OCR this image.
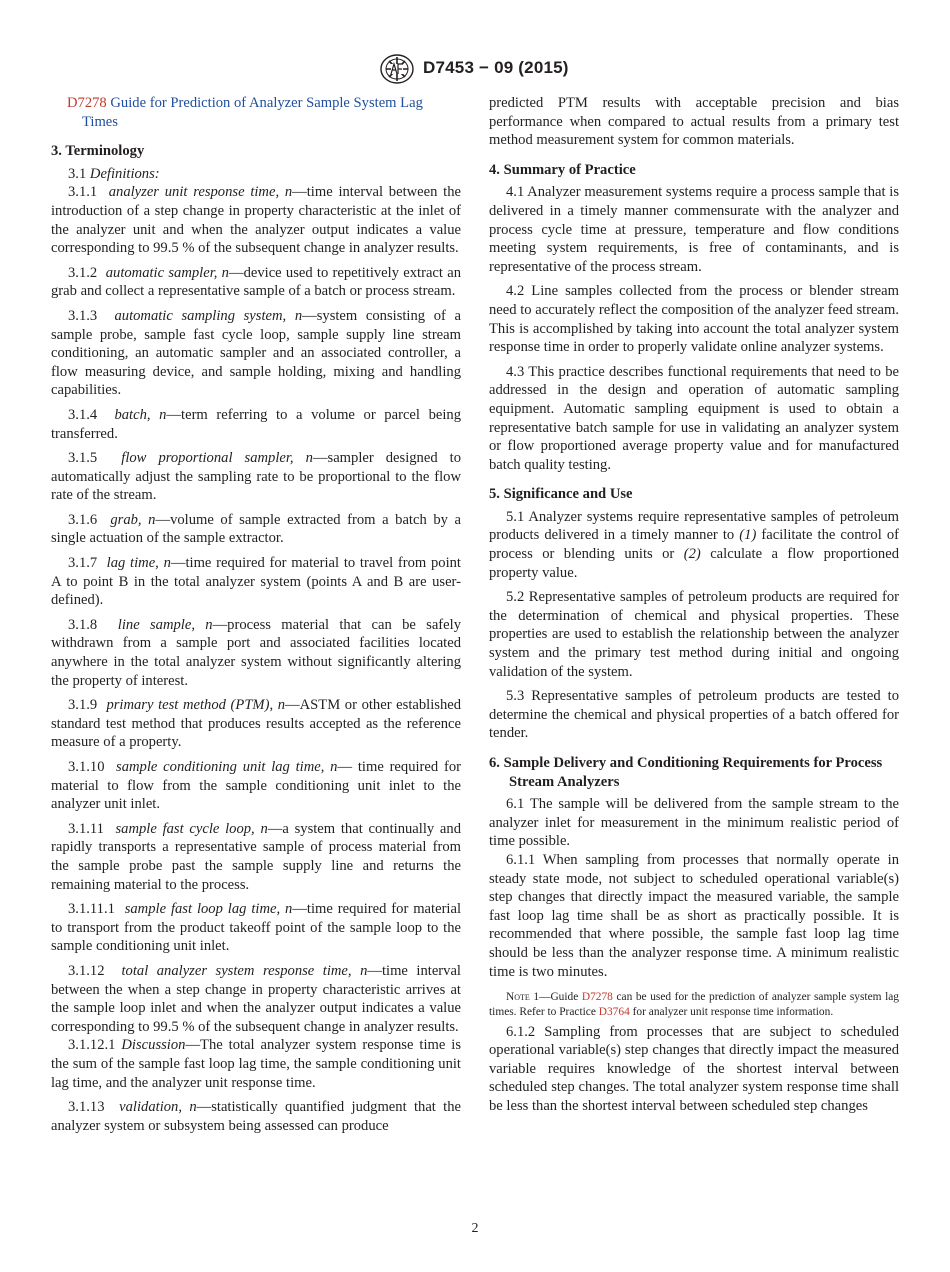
D7453 − 09 (2015)

D7278 Guide for Prediction of Analyzer Sample System Lag Times

3. Terminology

3.1 Definitions:

3.1.1 analyzer unit response time, n—time interval between the introduction of a step change in property characteristic at the inlet of the analyzer unit and when the analyzer output indicates a value corresponding to 99.5 % of the subsequent change in analyzer results.

3.1.2 automatic sampler, n—device used to repetitively extract an grab and collect a representative sample of a batch or process stream.

3.1.3 automatic sampling system, n—system consisting of a sample probe, sample fast cycle loop, sample supply line stream conditioning, an automatic sampler and an associated controller, a flow measuring device, and sample holding, mixing and handling capabilities.

3.1.4 batch, n—term referring to a volume or parcel being transferred.

3.1.5 flow proportional sampler, n—sampler designed to automatically adjust the sampling rate to be proportional to the flow rate of the stream.

3.1.6 grab, n—volume of sample extracted from a batch by a single actuation of the sample extractor.

3.1.7 lag time, n—time required for material to travel from point A to point B in the total analyzer system (points A and B are user-defined).

3.1.8 line sample, n—process material that can be safely withdrawn from a sample port and associated facilities located anywhere in the total analyzer system without significantly altering the property of interest.

3.1.9 primary test method (PTM), n—ASTM or other established standard test method that produces results accepted as the reference measure of a property.

3.1.10 sample conditioning unit lag time, n— time required for material to flow from the sample conditioning unit inlet to the analyzer unit inlet.

3.1.11 sample fast cycle loop, n—a system that continually and rapidly transports a representative sample of process material from the sample probe past the sample supply line and returns the remaining material to the process.

3.1.11.1 sample fast loop lag time, n—time required for material to transport from the product takeoff point of the sample loop to the sample conditioning unit inlet.

3.1.12 total analyzer system response time, n—time interval between the when a step change in property characteristic arrives at the sample loop inlet and when the analyzer output indicates a value corresponding to 99.5 % of the subsequent change in analyzer results.

3.1.12.1 Discussion—The total analyzer system response time is the sum of the sample fast loop lag time, the sample conditioning unit lag time, and the analyzer unit response time.

3.1.13 validation, n—statistically quantified judgment that the analyzer system or subsystem being assessed can produce

predicted PTM results with acceptable precision and bias performance when compared to actual results from a primary test method measurement system for common materials.

4. Summary of Practice

4.1 Analyzer measurement systems require a process sample that is delivered in a timely manner commensurate with the analyzer and process cycle time at pressure, temperature and flow conditions meeting system requirements, is free of contaminants, and is representative of the process stream.

4.2 Line samples collected from the process or blender stream need to accurately reflect the composition of the analyzer feed stream. This is accomplished by taking into account the total analyzer system response time in order to properly validate online analyzer systems.

4.3 This practice describes functional requirements that need to be addressed in the design and operation of automatic sampling equipment. Automatic sampling equipment is used to obtain a representative batch sample for use in validating an analyzer system or flow proportioned average property value and for manufactured batch quality testing.

5. Significance and Use

5.1 Analyzer systems require representative samples of petroleum products delivered in a timely manner to (1) facilitate the control of process or blending units or (2) calculate a flow proportioned property value.

5.2 Representative samples of petroleum products are required for the determination of chemical and physical properties. These properties are used to establish the relationship between the analyzer system and the primary test method during initial and ongoing validation of the system.

5.3 Representative samples of petroleum products are tested to determine the chemical and physical properties of a batch offered for tender.

6. Sample Delivery and Conditioning Requirements for Process Stream Analyzers

6.1 The sample will be delivered from the sample stream to the analyzer inlet for measurement in the minimum realistic period of time possible.

6.1.1 When sampling from processes that normally operate in steady state mode, not subject to scheduled operational variable(s) step changes that directly impact the measured variable, the sample fast loop lag time shall be as short as practically possible. It is recommended that where possible, the sample fast loop lag time should be less than the analyzer response time. A minimum realistic time is two minutes.

Note 1—Guide D7278 can be used for the prediction of analyzer sample system lag times. Refer to Practice D3764 for analyzer unit response time information.

6.1.2 Sampling from processes that are subject to scheduled operational variable(s) step changes that directly impact the measured variable requires knowledge of the shortest interval between scheduled step changes. The total analyzer system response time shall be less than the shortest interval between scheduled step changes

2
